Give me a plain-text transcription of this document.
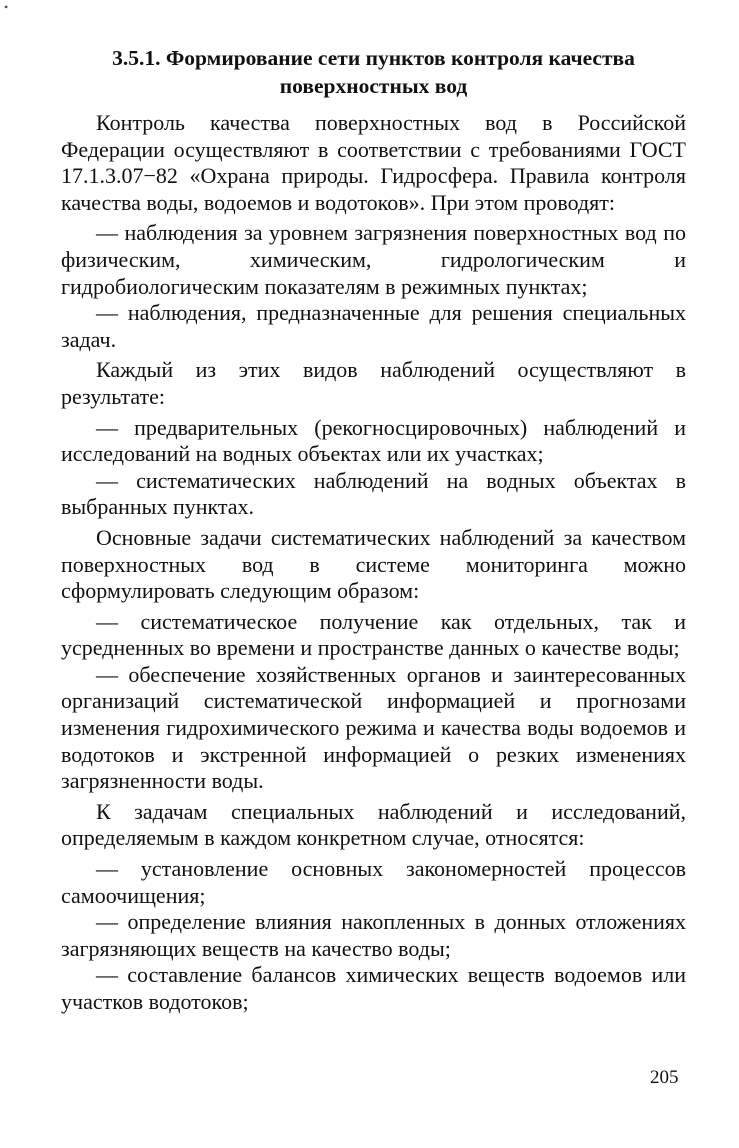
•
3.5.1. Формирование сети пунктов контроля качества поверхностных вод

Контроль качества поверхностных вод в Российской Федерации осуществляют в соответствии с требованиями ГОСТ 17.1.3.07−82 «Охрана природы. Гидросфера. Правила контроля качества воды, водоемов и водотоков». При этом проводят:

— наблюдения за уровнем загрязнения поверхностных вод по физическим, химическим, гидрологическим и гидробиологическим показателям в режимных пунктах;

— наблюдения, предназначенные для решения специальных задач.

Каждый из этих видов наблюдений осуществляют в результате:

— предварительных (рекогносцировочных) наблюдений и исследований на водных объектах или их участках;

— систематических наблюдений на водных объектах в выбранных пунктах.

Основные задачи систематических наблюдений за качеством поверхностных вод в системе мониторинга можно сформулировать следующим образом:

— систематическое получение как отдельных, так и усредненных во времени и пространстве данных о качестве воды;

— обеспечение хозяйственных органов и заинтересованных организаций систематической информацией и прогнозами изменения гидрохимического режима и качества воды водоемов и водотоков и экстренной информацией о резких изменениях загрязненности воды.

К задачам специальных наблюдений и исследований, определяемым в каждом конкретном случае, относятся:

— установление основных закономерностей процессов самоочищения;

— определение влияния накопленных в донных отложениях загрязняющих веществ на качество воды;

— составление балансов химических веществ водоемов или участков водотоков;

205
